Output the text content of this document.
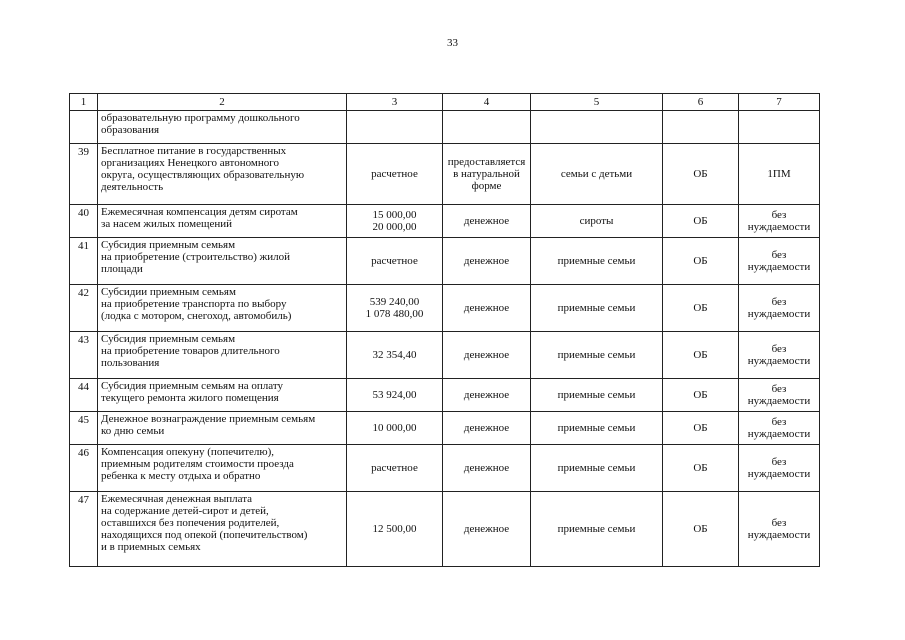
33
1	2	3	4	5	6	7
	образовательную программу дошкольного
образования					
39	Бесплатное питание в государственных
организациях Ненецкого автономного
округа, осуществляющих образовательную
деятельность	расчетное	предоставляется
в натуральной
форме	семьи с детьми	ОБ	1ПМ
40	Ежемесячная компенсация детям сиротам
за насем жилых помещений	15 000,00
20 000,00	денежное	сироты	ОБ	без
нуждаемости
41	Субсидия приемным семьям
на приобретение (строительство) жилой
площади	расчетное	денежное	приемные семьи	ОБ	без
нуждаемости
42	Субсидии приемным семьям
на приобретение транспорта по выбору
(лодка с мотором, снегоход, автомобиль)	539 240,00
1 078 480,00	денежное	приемные семьи	ОБ	без
нуждаемости
43	Субсидия приемным семьям
на приобретение товаров длительного
пользования	32 354,40	денежное	приемные семьи	ОБ	без
нуждаемости
44	Субсидия приемным семьям на оплату
текущего ремонта жилого помещения	53 924,00	денежное	приемные семьи	ОБ	без
нуждаемости
45	Денежное вознаграждение приемным семьям
ко дню семьи	10 000,00	денежное	приемные семьи	ОБ	без
нуждаемости
46	Компенсация опекуну (попечителю),
приемным родителям стоимости проезда
ребенка к месту отдыха и обратно	расчетное	денежное	приемные семьи	ОБ	без
нуждаемости
47	Ежемесячная денежная выплата
на содержание детей-сирот и детей,
оставшихся без попечения родителей,
находящихся под опекой (попечительством)
и в приемных семьях	12 500,00	денежное	приемные семьи	ОБ	без
нуждаемости
